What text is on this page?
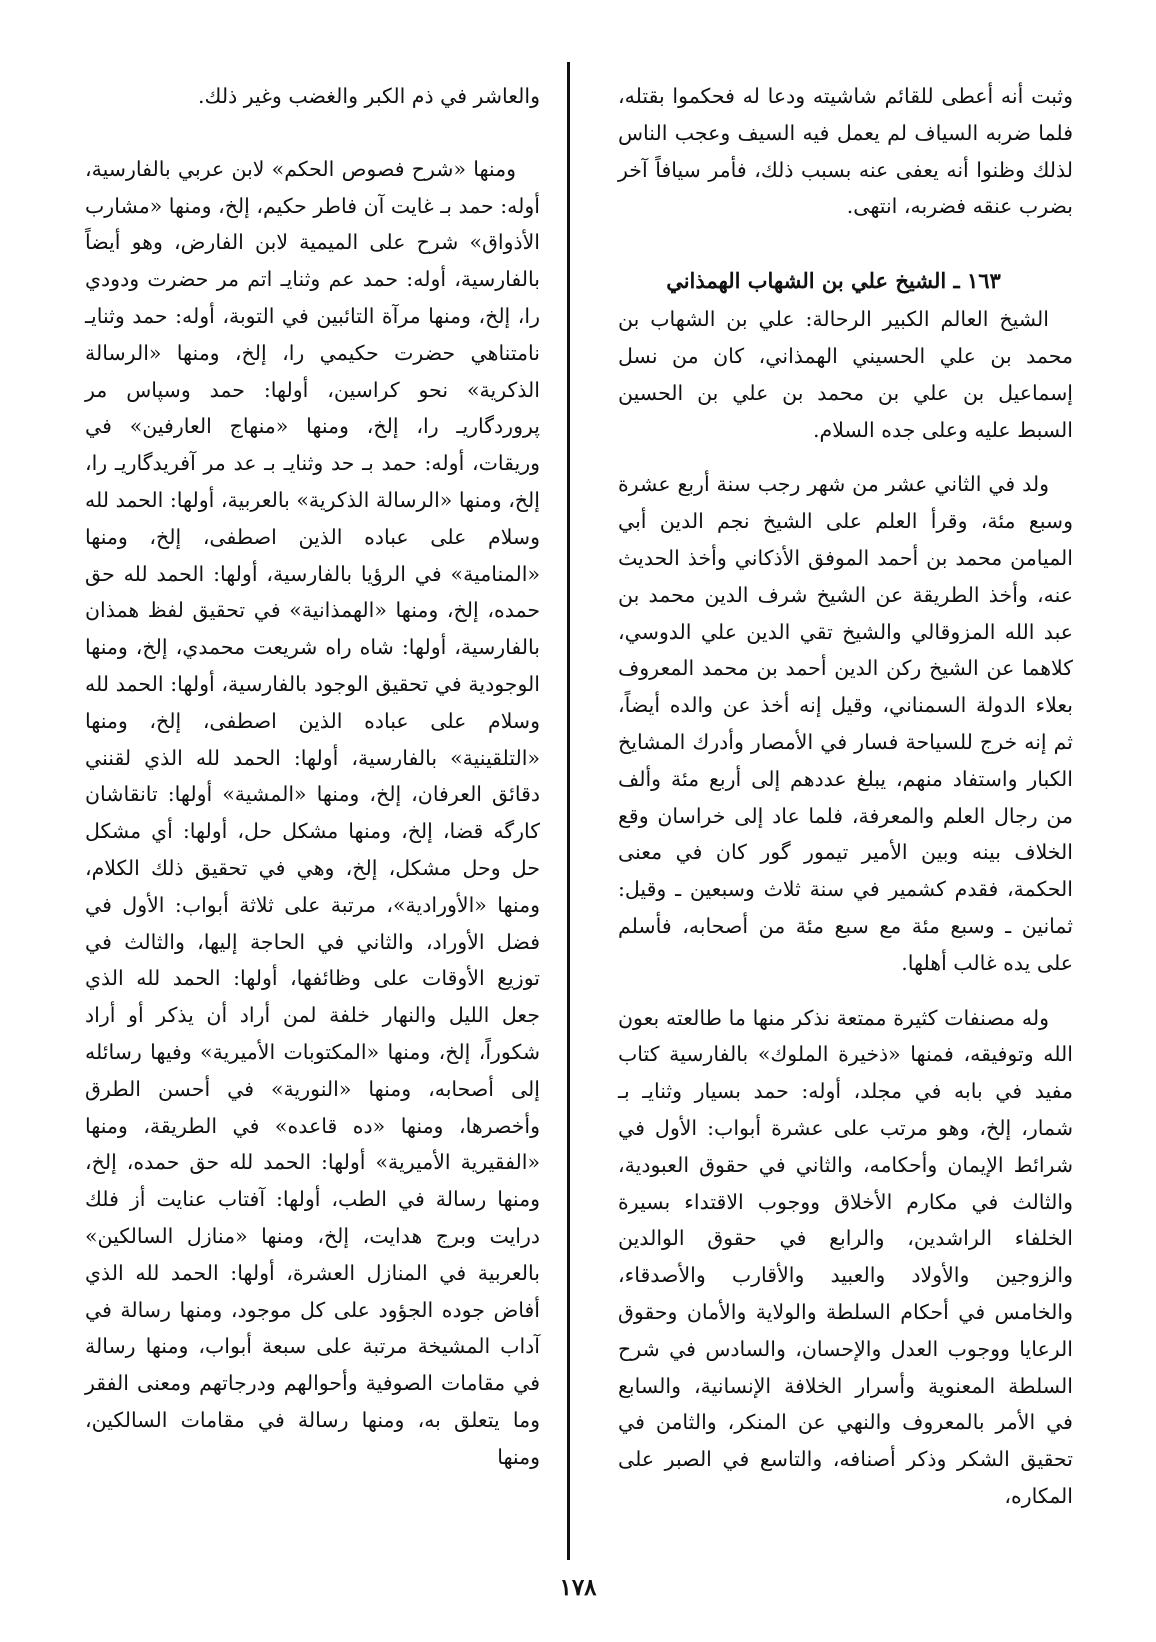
وثبت أنه أعطى للقائم شاشيته ودعا له فحكموا بقتله، فلما ضربه السياف لم يعمل فيه السيف وعجب الناس لذلك وظنوا أنه يعفى عنه بسبب ذلك، فأمر سيافاً آخر بضرب عنقه فضربه، انتهى.

١٦٣ ـ الشيخ علي بن الشهاب الهمذاني

الشيخ العالم الكبير الرحالة: علي بن الشهاب بن محمد بن علي الحسيني الهمذاني، كان من نسل إسماعيل بن علي بن محمد بن علي بن الحسين السبط عليه وعلى جده السلام.

ولد في الثاني عشر من شهر رجب سنة أربع عشرة وسبع مئة، وقرأ العلم على الشيخ نجم الدين أبي الميامن محمد بن أحمد الموفق الأذكاني وأخذ الحديث عنه، وأخذ الطريقة عن الشيخ شرف الدين محمد بن عبد الله المزوقالي والشيخ تقي الدين علي الدوسي، كلاهما عن الشيخ ركن الدين أحمد بن محمد المعروف بعلاء الدولة السمناني، وقيل إنه أخذ عن والده أيضاً، ثم إنه خرج للسياحة فسار في الأمصار وأدرك المشايخ الكبار واستفاد منهم، يبلغ عددهم إلى أربع مئة وألف من رجال العلم والمعرفة، فلما عاد إلى خراسان وقع الخلاف بينه وبين الأمير تيمور گور كان في معنى الحكمة، فقدم كشمير في سنة ثلاث وسبعين ـ وقيل: ثمانين ـ وسبع مئة مع سبع مئة من أصحابه، فأسلم على يده غالب أهلها.

وله مصنفات كثيرة ممتعة نذكر منها ما طالعته بعون الله وتوفيقه، فمنها «ذخيرة الملوك» بالفارسية كتاب مفيد في بابه في مجلد، أوله: حمد بسيار وثنايـ بـ شمار، إلخ، وهو مرتب على عشرة أبواب: الأول في شرائط الإيمان وأحكامه، والثاني في حقوق العبودية، والثالث في مكارم الأخلاق ووجوب الاقتداء بسيرة الخلفاء الراشدين، والرابع في حقوق الوالدين والزوجين والأولاد والعبيد والأقارب والأصدقاء، والخامس في أحكام السلطة والولاية والأمان وحقوق الرعايا ووجوب العدل والإحسان، والسادس في شرح السلطة المعنوية وأسرار الخلافة الإنسانية، والسابع في الأمر بالمعروف والنهي عن المنكر، والثامن في تحقيق الشكر وذكر أصنافه، والتاسع في الصبر على المكاره،

والعاشر في ذم الكبر والغضب وغير ذلك.

ومنها «شرح فصوص الحكم» لابن عربي بالفارسية، أوله: حمد بـ غايت آن فاطر حكيم، إلخ، ومنها «مشارب الأذواق» شرح على الميمية لابن الفارض، وهو أيضاً بالفارسية، أوله: حمد عم وثنايـ اتم مر حضرت ودودي را، إلخ، ومنها مرآة التائبين في التوبة، أوله: حمد وثنايـ نامتناهي حضرت حكيمي را، إلخ، ومنها «الرسالة الذكرية» نحو كراسين، أولها: حمد وسپاس مر پروردگاريـ را، إلخ، ومنها «منهاج العارفين» في وريقات، أوله: حمد بـ حد وثنايـ بـ عد مر آفريدگاريـ را، إلخ، ومنها «الرسالة الذكرية» بالعربية، أولها: الحمد لله وسلام على عباده الذين اصطفى، إلخ، ومنها «المنامية» في الرؤيا بالفارسية، أولها: الحمد لله حق حمده، إلخ، ومنها «الهمذانية» في تحقيق لفظ همذان بالفارسية، أولها: شاه راه شريعت محمدي، إلخ، ومنها الوجودية في تحقيق الوجود بالفارسية، أولها: الحمد لله وسلام على عباده الذين اصطفى، إلخ، ومنها «التلقينية» بالفارسية، أولها: الحمد لله الذي لقنني دقائق العرفان، إلخ، ومنها «المشية» أولها: تانقاشان كارگه قضا، إلخ، ومنها مشكل حل، أولها: أي مشكل حل وحل مشكل، إلخ، وهي في تحقيق ذلك الكلام، ومنها «الأورادية»، مرتبة على ثلاثة أبواب: الأول في فضل الأوراد، والثاني في الحاجة إليها، والثالث في توزيع الأوقات على وظائفها، أولها: الحمد لله الذي جعل الليل والنهار خلفة لمن أراد أن يذكر أو أراد شكوراً، إلخ، ومنها «المكتوبات الأميرية» وفيها رسائله إلى أصحابه، ومنها «النورية» في أحسن الطرق وأخصرها، ومنها «ده قاعده» في الطريقة، ومنها «الفقيرية الأميرية» أولها: الحمد لله حق حمده، إلخ، ومنها رسالة في الطب، أولها: آفتاب عنايت أز فلك درايت وبرج هدايت، إلخ، ومنها «منازل السالكين» بالعربية في المنازل العشرة، أولها: الحمد لله الذي أفاض جوده الجؤود على كل موجود، ومنها رسالة في آداب المشيخة مرتبة على سبعة أبواب، ومنها رسالة في مقامات الصوفية وأحوالهم ودرجاتهم ومعنى الفقر وما يتعلق به، ومنها رسالة في مقامات السالكين، ومنها

١٧٨
